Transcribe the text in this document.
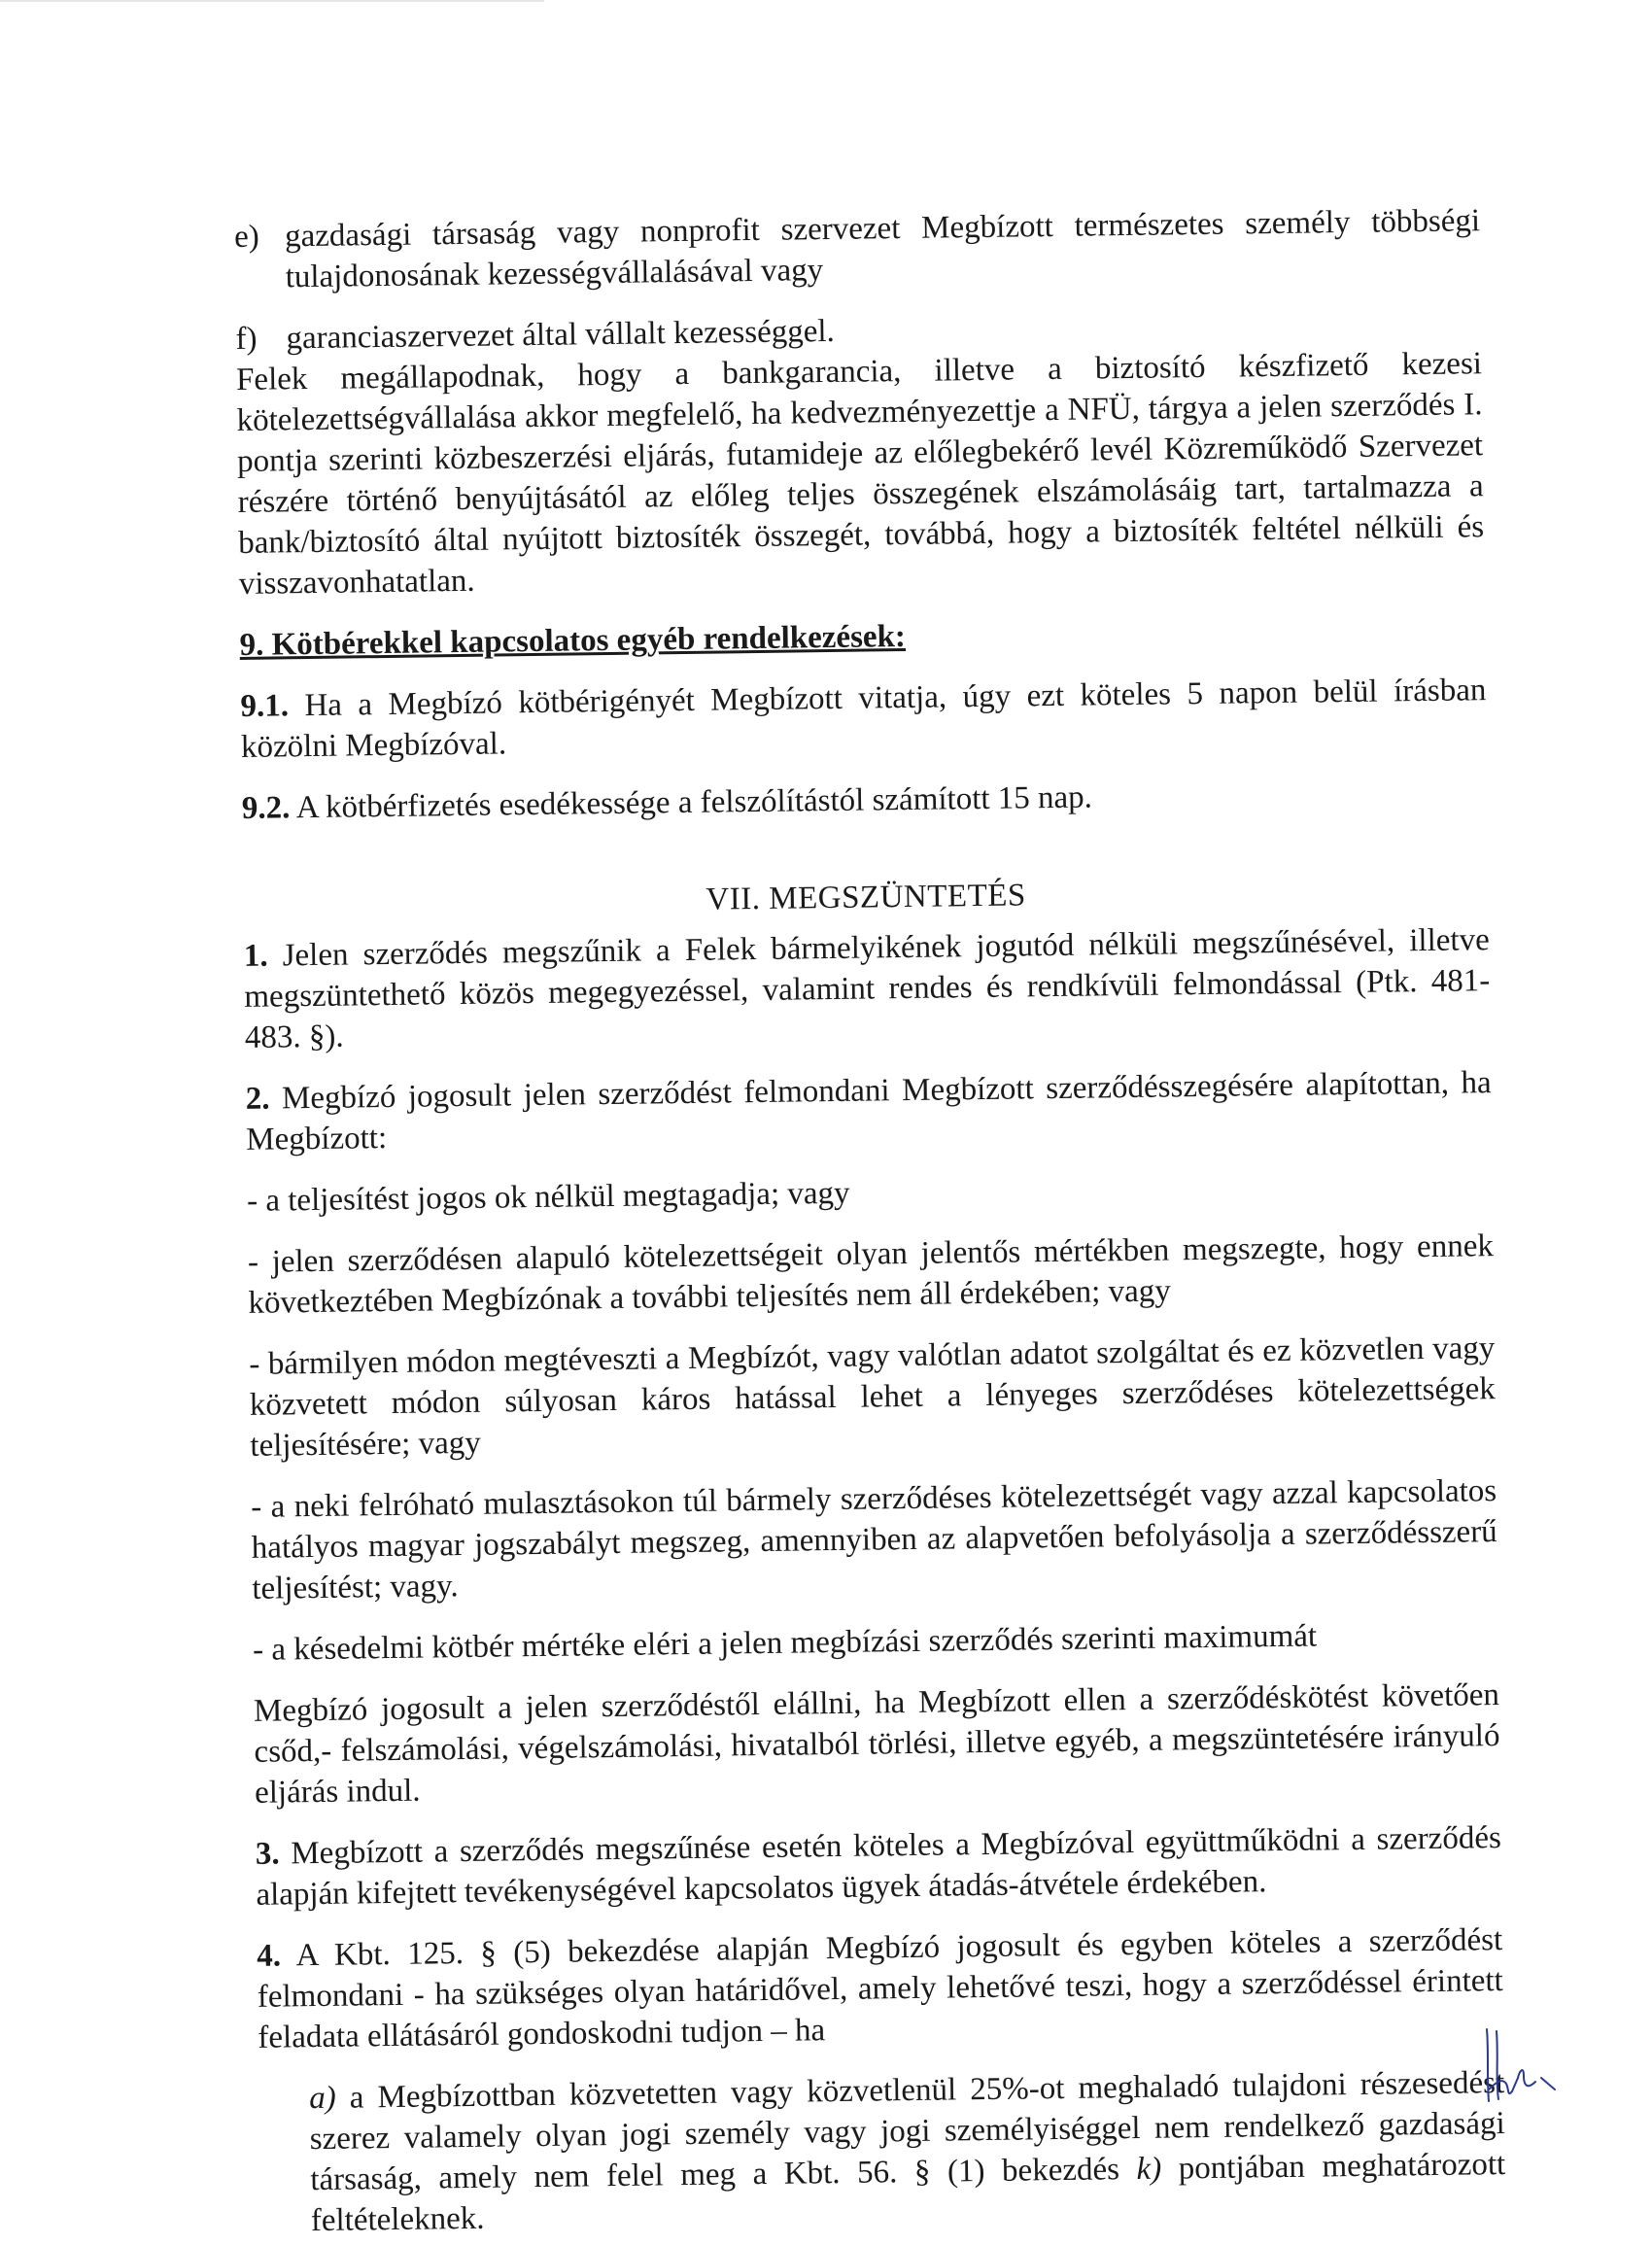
e) gazdasági társaság vagy nonprofit szervezet Megbízott természetes személy többségi tulajdonosának kezességvállalásával vagy
f) garanciaszervezet által vállalt kezességgel.

Felek megállapodnak, hogy a bankgarancia, illetve a biztosító készfizető kezesi kötelezettségvállalása akkor megfelelő, ha kedvezményezettje a NFÜ, tárgya a jelen szerződés I. pontja szerinti közbeszerzési eljárás, futamideje az előlegbekérő levél Közreműködő Szervezet részére történő benyújtásától az előleg teljes összegének elszámolásáig tart, tartalmazza a bank/biztosító által nyújtott biztosíték összegét, továbbá, hogy a biztosíték feltétel nélküli és visszavonhatatlan.

9. Kötbérekkel kapcsolatos egyéb rendelkezések:

9.1. Ha a Megbízó kötbérigényét Megbízott vitatja, úgy ezt köteles 5 napon belül írásban közölni Megbízóval.

9.2. A kötbérfizetés esedékessége a felszólítástól számított 15 nap.

VII. MEGSZÜNTETÉS

1. Jelen szerződés megszűnik a Felek bármelyikének jogutód nélküli megszűnésével, illetve megszüntethető közös megegyezéssel, valamint rendes és rendkívüli felmondással (Ptk. 481-483. §).

2. Megbízó jogosult jelen szerződést felmondani Megbízott szerződésszegésére alapítottan, ha Megbízott:

- a teljesítést jogos ok nélkül megtagadja; vagy

- jelen szerződésen alapuló kötelezettségeit olyan jelentős mértékben megszegte, hogy ennek következtében Megbízónak a további teljesítés nem áll érdekében; vagy

- bármilyen módon megtéveszti a Megbízót, vagy valótlan adatot szolgáltat és ez közvetlen vagy közvetett módon súlyosan káros hatással lehet a lényeges szerződéses kötelezettségek teljesítésére; vagy

- a neki felróható mulasztásokon túl bármely szerződéses kötelezettségét vagy azzal kapcsolatos hatályos magyar jogszabályt megszeg, amennyiben az alapvetően befolyásolja a szerződésszerű teljesítést; vagy.

- a késedelmi kötbér mértéke eléri a jelen megbízási szerződés szerinti maximumát

Megbízó jogosult a jelen szerződéstől elállni, ha Megbízott ellen a szerződéskötést követően csőd,- felszámolási, végelszámolási, hivatalból törlési, illetve egyéb, a megszüntetésére irányuló eljárás indul.

3. Megbízott a szerződés megszűnése esetén köteles a Megbízóval együttműködni a szerződés alapján kifejtett tevékenységével kapcsolatos ügyek átadás-átvétele érdekében.

4. A Kbt. 125. § (5) bekezdése alapján Megbízó jogosult és egyben köteles a szerződést felmondani - ha szükséges olyan határidővel, amely lehetővé teszi, hogy a szerződéssel érintett feladata ellátásáról gondoskodni tudjon – ha

a) a Megbízottban közvetetten vagy közvetlenül 25%-ot meghaladó tulajdoni részesedést szerez valamely olyan jogi személy vagy jogi személyiséggel nem rendelkező gazdasági társaság, amely nem felel meg a Kbt. 56. § (1) bekezdés k) pontjában meghatározott feltételeknek.
